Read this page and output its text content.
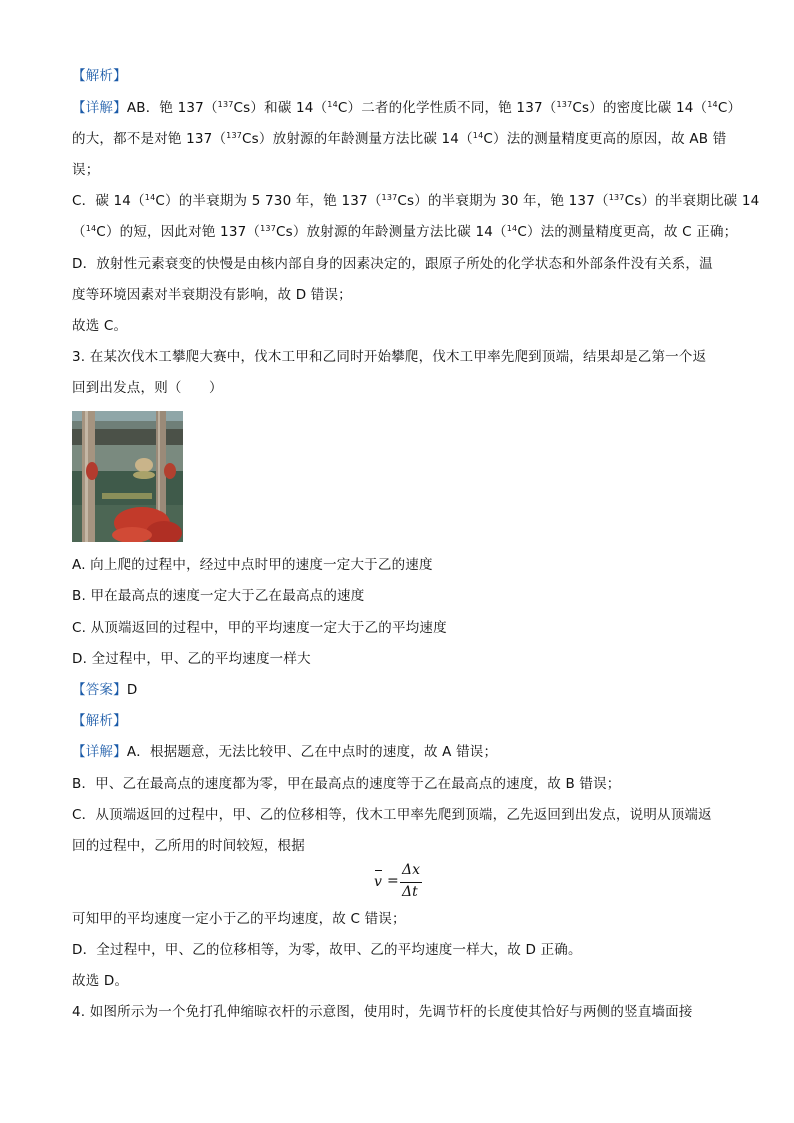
【解析】
【详解】AB．铯 137（$^{137}$Cs）和碳 14（$^{14}$C）二者的化学性质不同，铯 137（$^{137}$Cs）的密度比碳 14（$^{14}$C）
的大，都不是对铯 137（$^{137}$Cs）放射源的年龄测量方法比碳 14（$^{14}$C）法的测量精度更高的原因，故 AB 错
误；
C．碳 14（$^{14}$C）的半衰期为 5 730 年，铯 137（$^{137}$Cs）的半衰期为 30 年，铯 137（$^{137}$Cs）的半衰期比碳 14
（$^{14}$C）的短，因此对铯 137（$^{137}$Cs）放射源的年龄测量方法比碳 14（$^{14}$C）法的测量精度更高，故 C 正确；
D．放射性元素衰变的快慢是由核内部自身的因素决定的，跟原子所处的化学状态和外部条件没有关系，温
度等环境因素对半衰期没有影响，故 D 错误；
故选 C。
3. 在某次伐木工攀爬大赛中，伐木工甲和乙同时开始攀爬，伐木工甲率先爬到顶端，结果却是乙第一个返
回到出发点，则（　　）
A. 向上爬的过程中，经过中点时甲的速度一定大于乙的速度
B. 甲在最高点的速度一定大于乙在最高点的速度
C. 从顶端返回的过程中，甲的平均速度一定大于乙的平均速度
D. 全过程中，甲、乙的平均速度一样大
【答案】D
【解析】
【详解】A．根据题意，无法比较甲、乙在中点时的速度，故 A 错误；
B．甲、乙在最高点的速度都为零，甲在最高点的速度等于乙在最高点的速度，故 B 错误；
C．从顶端返回的过程中，甲、乙的位移相等，伐木工甲率先爬到顶端，乙先返回到出发点，说明从顶端返
回的过程中，乙所用的时间较短，根据
v =
Δx
Δt
可知甲的平均速度一定小于乙的平均速度，故 C 错误；
D．全过程中，甲、乙的位移相等，为零，故甲、乙的平均速度一样大，故 D 正确。
故选 D。
4. 如图所示为一个免打孔伸缩晾衣杆的示意图，使用时，先调节杆的长度使其恰好与两侧的竖直墙面接
